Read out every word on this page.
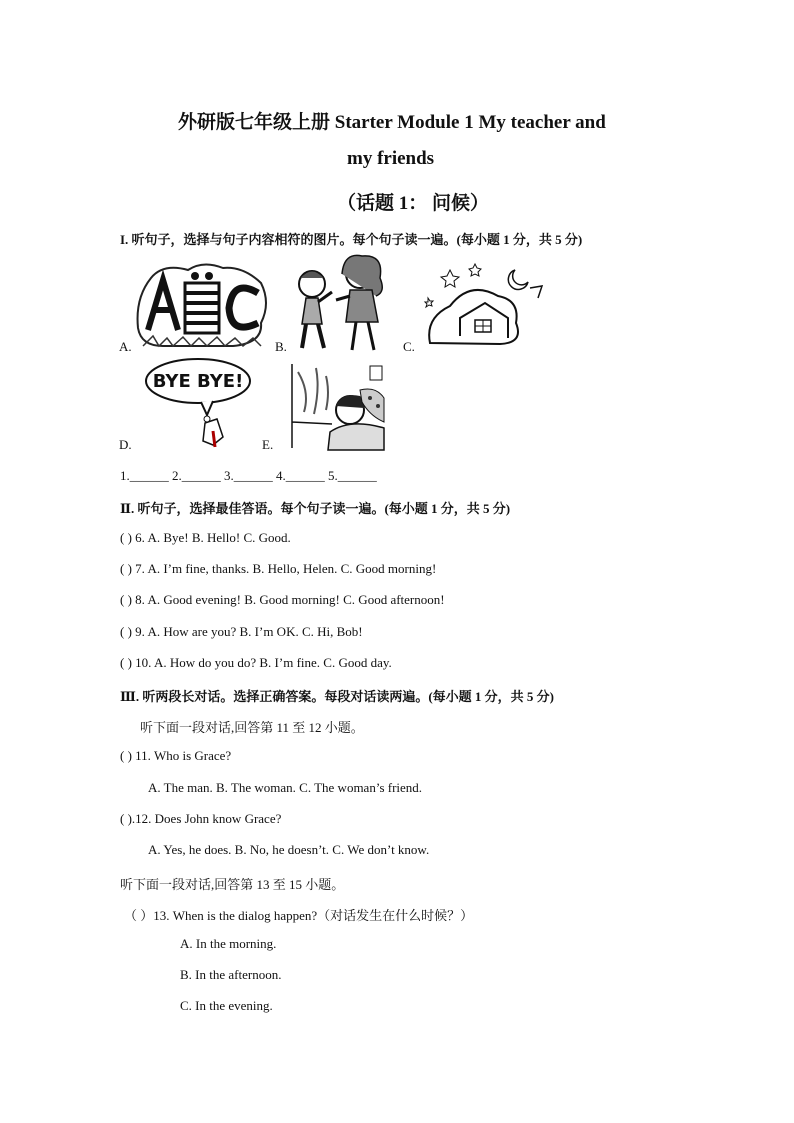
外研版七年级上册 Starter Module 1 My teacher and
my friends
（话题 1： 问候）
I. 听句子，选择与句子内容相符的图片。每个句子读一遍。(每小题 1 分，共 5 分)
A.	B.	C.
D.
BYE BYE!
E.
1.______ 2.______ 3.______ 4.______ 5.______
Ⅱ. 听句子，选择最佳答语。每个句子读一遍。(每小题 1 分，共 5 分)
( ) 6. A. Bye! B. Hello! C. Good.
( ) 7. A. I’m fine, thanks. B. Hello, Helen. C. Good morning!
( ) 8. A. Good evening! B. Good morning! C. Good afternoon!
( ) 9. A. How are you? B. I’m OK. C. Hi, Bob!
( ) 10. A. How do you do? B. I’m fine. C. Good day.
Ⅲ. 听两段长对话。选择正确答案。每段对话读两遍。(每小题 1 分，共 5 分)
听下面一段对话,回答第 11 至 12 小题。
( ) 11. Who is Grace?
A. The man. B. The woman. C. The woman’s friend.
( ).12. Does John know Grace?
A. Yes, he does. B. No, he doesn’t. C. We don’t know.
听下面一段对话,回答第 13 至 15 小题。
（ ）13. When is the dialog happen?（对话发生在什么时候？）
A. In the morning.
B. In the afternoon.
C. In the evening.
